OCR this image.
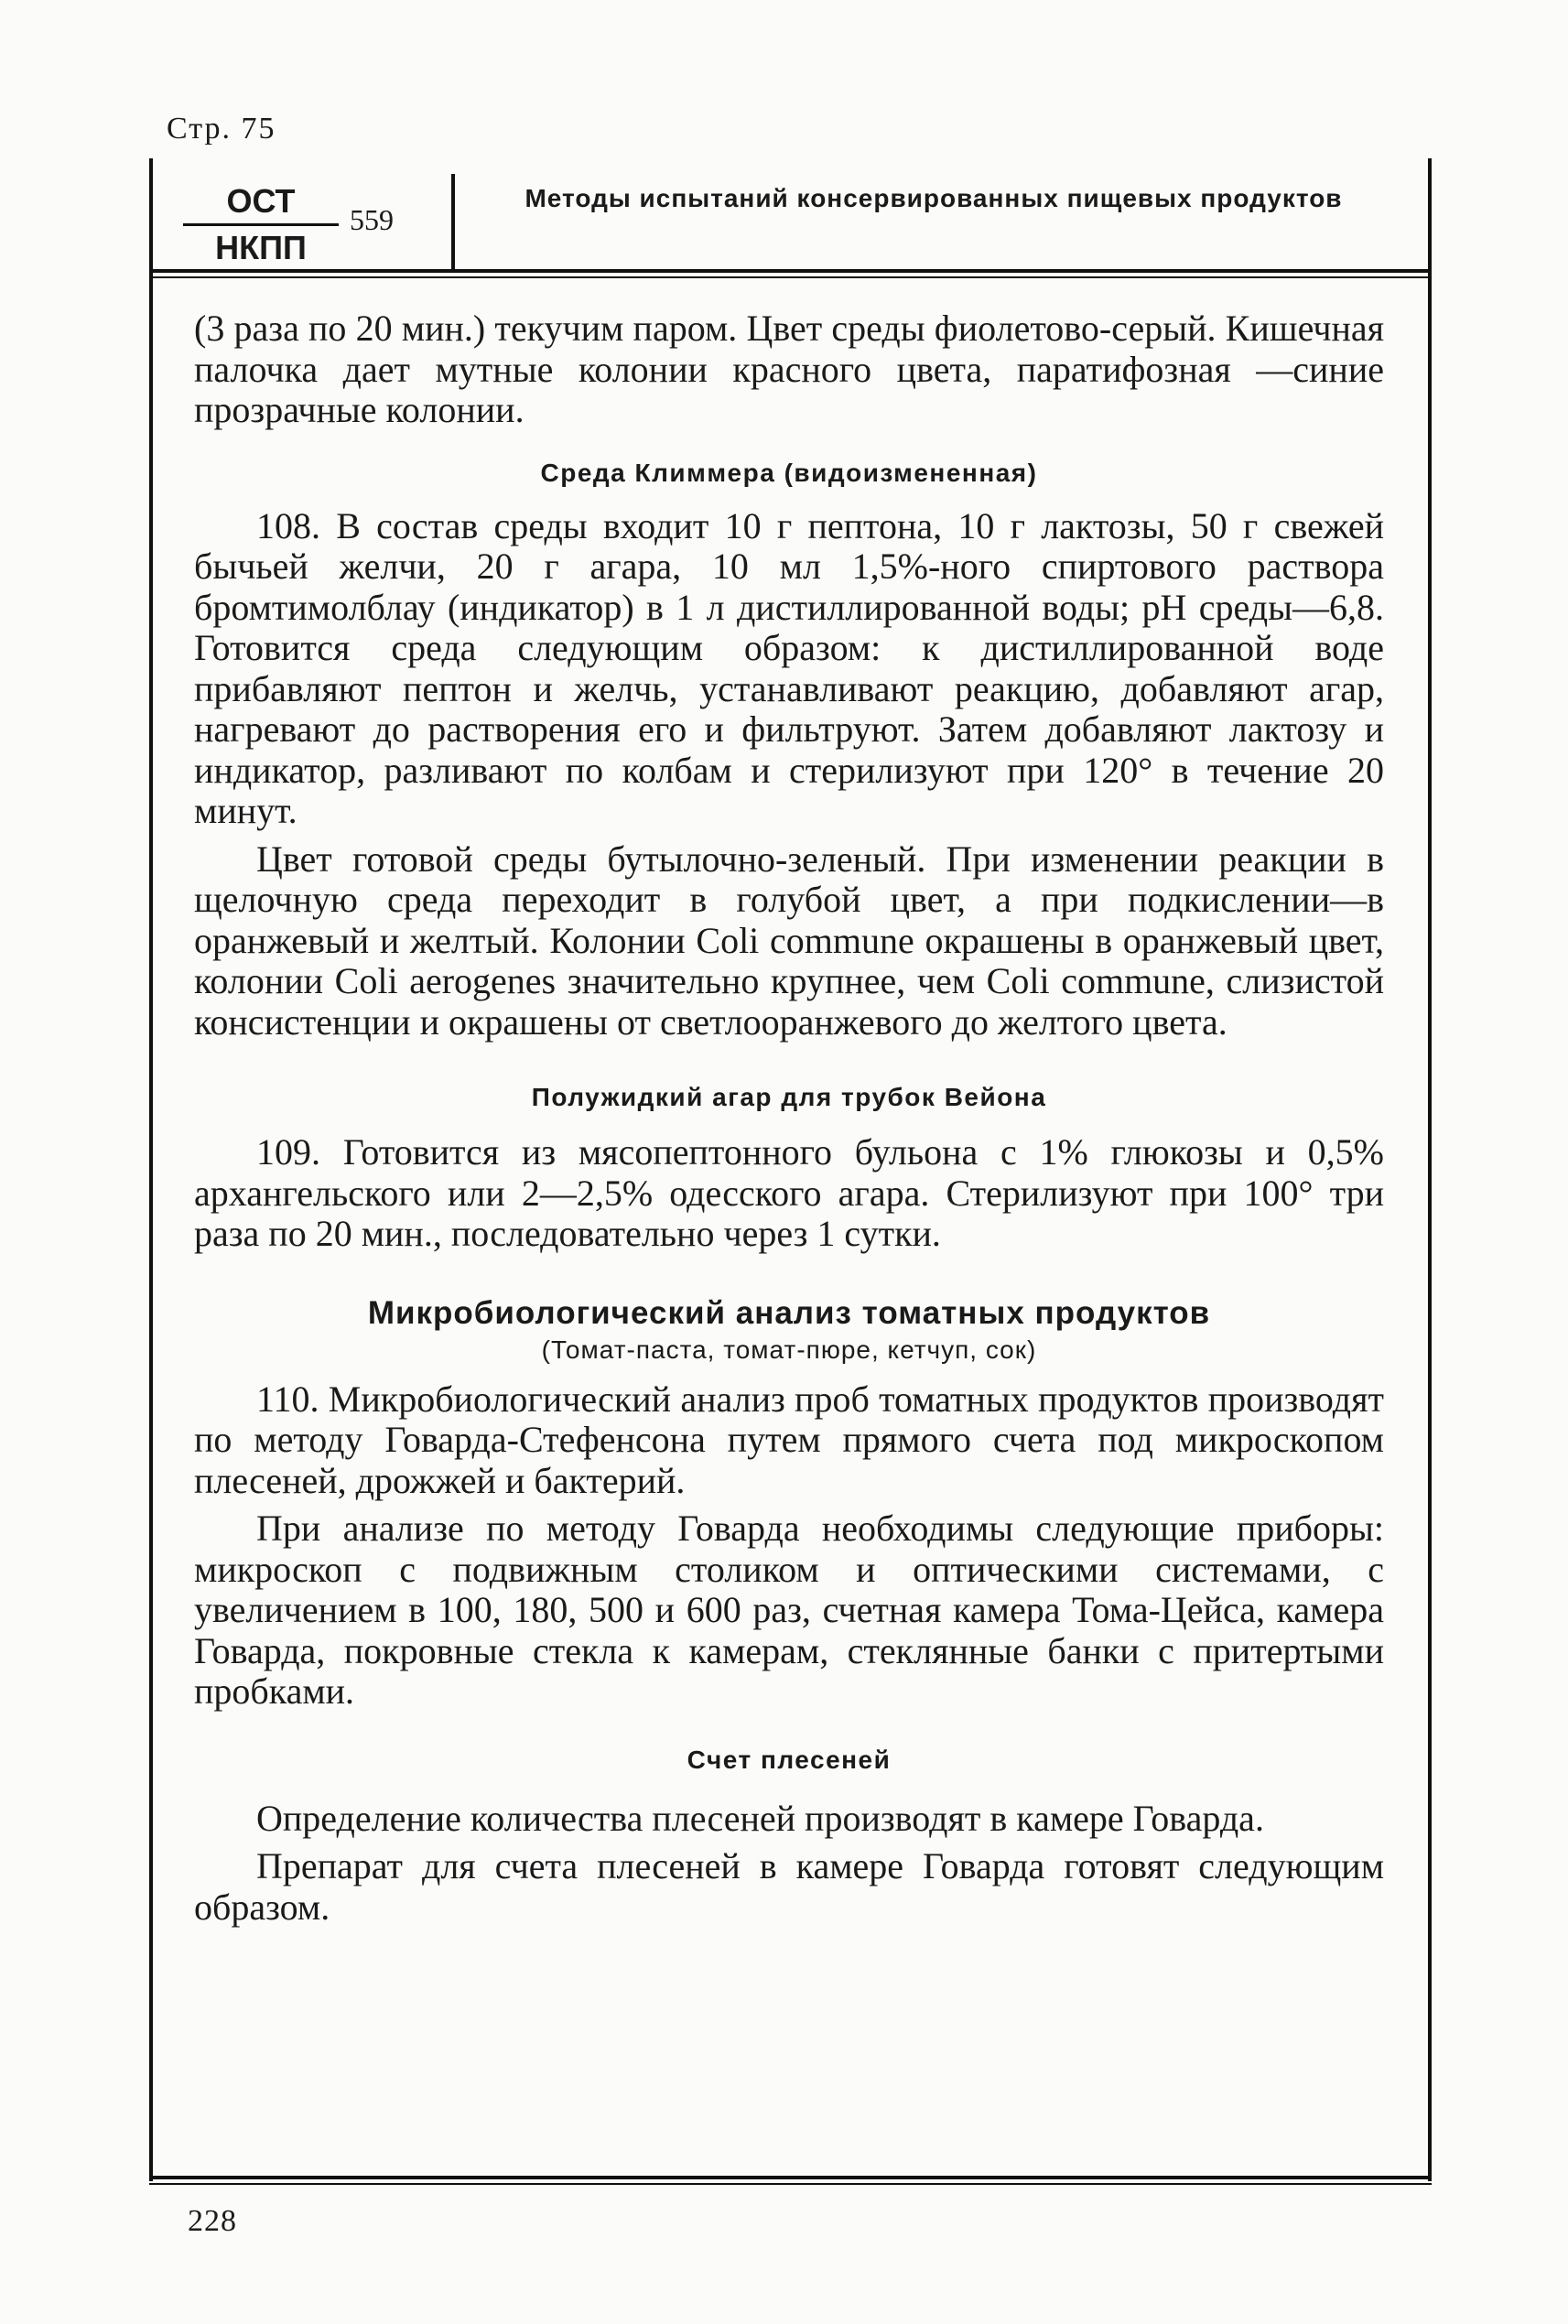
Стр. 75
ОСТ
НКПП
559
Методы испытаний консервированных пищевых продуктов

(3 раза по 20 мин.) текучим паром. Цвет среды фиолетово-серый. Кишечная палочка дает мутные колонии красного цвета, паратифозная —синие прозрачные колонии.

Среда Климмера (видоизмененная)

108. В состав среды входит 10 г пептона, 10 г лактозы, 50 г свежей бычьей желчи, 20 г агара, 10 мл 1,5%-ного спиртового раствора бромтимолблау (индикатор) в 1 л дистиллированной воды; pH среды—6,8. Готовится среда следующим образом: к дистиллированной воде прибавляют пептон и желчь, устанавливают реакцию, добавляют агар, нагревают до растворения его и фильтруют. Затем добавляют лактозу и индикатор, разливают по колбам и стерилизуют при 120° в течение 20 минут.

Цвет готовой среды бутылочно-зеленый. При изменении реакции в щелочную среда переходит в голубой цвет, а при подкислении—в оранжевый и желтый. Колонии Coli commune окрашены в оранжевый цвет, колонии Coli aerogenes значительно крупнее, чем Coli commune, слизистой консистенции и окрашены от светлооранжевого до желтого цвета.

Полужидкий агар для трубок Вейона

109. Готовится из мясопептонного бульона с 1% глюкозы и 0,5% архангельского или 2—2,5% одесского агара. Стерилизуют при 100° три раза по 20 мин., последовательно через 1 сутки.

Микробиологический анализ томатных продуктов

(Томат-паста, томат-пюре, кетчуп, сок)

110. Микробиологический анализ проб томатных продуктов производят по методу Говарда-Стефенсона путем прямого счета под микроскопом плесеней, дрожжей и бактерий.

При анализе по методу Говарда необходимы следующие приборы: микроскоп с подвижным столиком и оптическими системами, с увеличением в 100, 180, 500 и 600 раз, счетная камера Тома-Цейса, камера Говарда, покровные стекла к камерам, стеклянные банки с притертыми пробками.

Счет плесеней

Определение количества плесеней производят в камере Говарда.

Препарат для счета плесеней в камере Говарда готовят следующим образом.

228
